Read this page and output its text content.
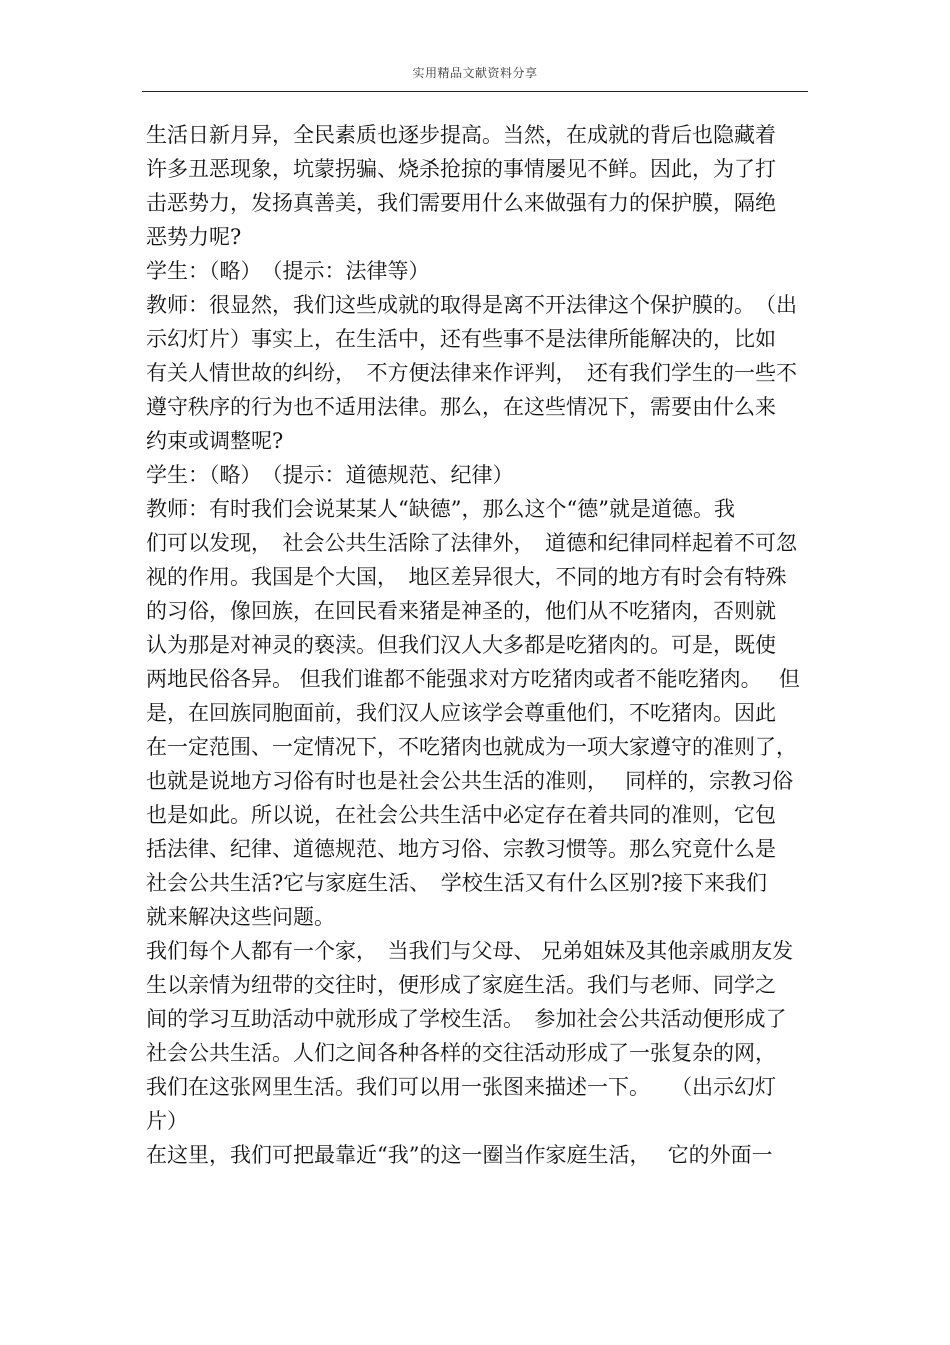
实用精品文献资料分享
生活日新月异，全民素质也逐步提高。当然，在成就的背后也隐藏着
许多丑恶现象，坑蒙拐骗、烧杀抢掠的事情屡见不鲜。因此，为了打
击恶势力，发扬真善美，我们需要用什么来做强有力的保护膜，隔绝
恶势力呢?
学生：（略）　（提示：法律等）
教师：很显然，我们这些成就的取得是离不开法律这个保护膜的。　（出
示幻灯片）事实上，在生活中，还有些事不是法律所能解决的，比如
有关人情世故的纠纷，　不方便法律来作评判，　还有我们学生的一些不
遵守秩序的行为也不适用法律。那么，在这些情况下，需要由什么来
约束或调整呢?
学生：（略）　（提示：道德规范、纪律）
教师：有时我们会说某某人“缺德”，那么这个“德”就是道德。我
们可以发现，　社会公共生活除了法律外，　道德和纪律同样起着不可忽
视的作用。我国是个大国，　地区差异很大，不同的地方有时会有特殊
的习俗，像回族，在回民看来猪是神圣的，他们从不吃猪肉，否则就
认为那是对神灵的亵渎。但我们汉人大多都是吃猪肉的。可是，既使
两地民俗各异。 但我们谁都不能强求对方吃猪肉或者不能吃猪肉。　 但
是，在回族同胞面前，我们汉人应该学会尊重他们，不吃猪肉。因此
在一定范围、一定情况下，不吃猪肉也就成为一项大家遵守的准则了，
也就是说地方习俗有时也是社会公共生活的准则，　 同样的，宗教习俗
也是如此。所以说，在社会公共生活中必定存在着共同的准则，它包
括法律、纪律、道德规范、地方习俗、宗教习惯等。那么究竟什么是
社会公共生活?它与家庭生活、　学校生活又有什么区别?接下来我们
就来解决这些问题。
我们每个人都有一个家，　当我们与父母、 兄弟姐妹及其他亲戚朋友发
生以亲情为纽带的交往时，便形成了家庭生活。我们与老师、同学之
间的学习互助活动中就形成了学校生活。　参加社会公共活动便形成了
社会公共生活。人们之间各种各样的交往活动形成了一张复杂的网，
我们在这张网里生活。我们可以用一张图来描述一下。　　（出示幻灯
片）
在这里，我们可把最靠近“我”的这一圈当作家庭生活，　 它的外面一
